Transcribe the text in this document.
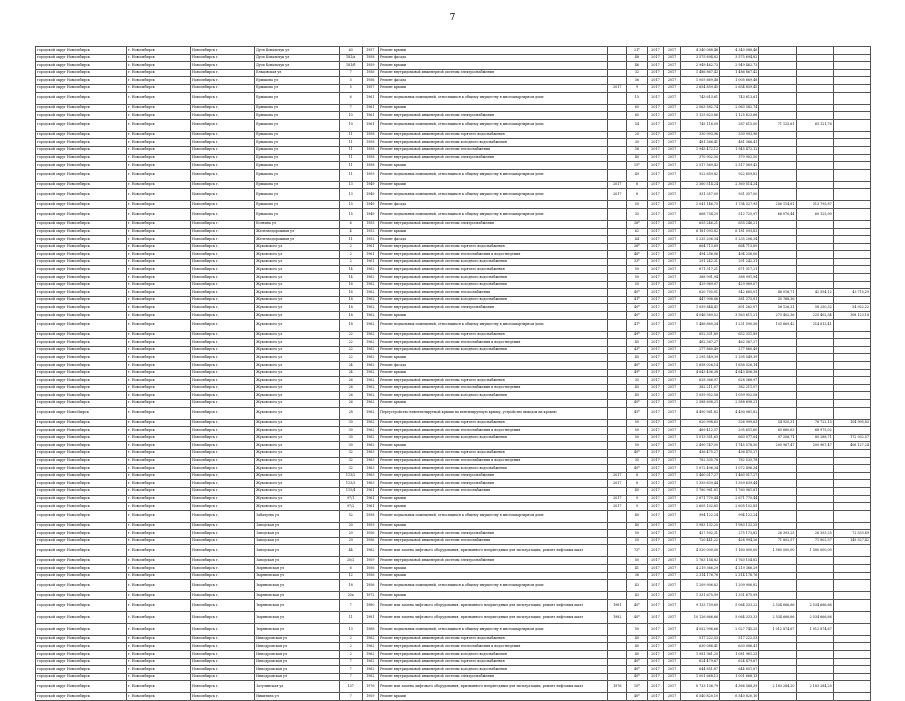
7
городской округ Новосибирск	г. Новосибирск	Новосибирск г.	Дуси Ковальчук ул	63	1957	Ремонт крыши		21*	2017	2017	4 340 088,46	4 340 088,46			
городской округ Новосибирск	г. Новосибирск	Новосибирск г.	Дуси Ковальчук ул	181/а	1958	Ремонт фасада		48	2017	2017	3 575 694,82	3 575 694,82			
городской округ Новосибирск	г. Новосибирск	Новосибирск г.	Дуси Ковальчук ул	181/б	1959	Ремонт крыши		46	2017	2017	2 949 462,73	2 949 462,73			
городской округ Новосибирск	г. Новосибирск	Новосибирск г.	Ельцовская ул	7	1956	Ремонт внутридомовой инженерной системы электроснабжения		32	2017	2017	1 486 867,42	1 486 867,42			
городской округ Новосибирск	г. Новосибирск	Новосибирск г.	Ермакова ул	3	1956	Ремонт фасада		36	2017	2017	1 005 669,48	1 005 669,48			
городской округ Новосибирск	г. Новосибирск	Новосибирск г.	Ермакова ул	5	1957	Ремонт крыши	2017	9	2017	2017	2 654 859,45	2 654 859,45			
городской округ Новосибирск	г. Новосибирск	Новосибирск г.	Ермакова ул	6	1961	Ремонт подвальных помещений, относящихся к общему имуществу в многоквартирном доме		15	2017	2017	743 613,61	743 613,61			
городской округ Новосибирск	г. Новосибирск	Новосибирск г.	Ермакова ул	7	1961	Ремонт крыши		65	2017	2017	2 063 582,74	2 063 582,74			
городской округ Новосибирск	г. Новосибирск	Новосибирск г.	Ермакова ул	10	1961	Ремонт внутридомовой инженерной системы электроснабжения		65	2017	2017	1 125 623,86	1 125 623,86			
городской округ Новосибирск	г. Новосибирск	Новосибирск г.	Ермакова ул	10	1961	Ремонт подвальных помещений, относящихся к общему имуществу в многоквартирном доме		54	2017	2017	745 116,00	287 615,00	71 125,61	65 121,76	
городской округ Новосибирск	г. Новосибирск	Новосибирск г.	Ермакова ул	11	1958	Ремонт внутридомовой инженерной системы горячего водоснабжения		20	2017	2017	330 993,96	330 993,96			
городской округ Новосибирск	г. Новосибирск	Новосибирск г.	Ермакова ул	11	1958	Ремонт внутридомовой инженерной системы холодного водоснабжения		30	2017	2017	481 366,41	481 366,41			
городской округ Новосибирск	г. Новосибирск	Новосибирск г.	Ермакова ул	11	1958	Ремонт внутридомовой инженерной системы теплоснабжения		36	2017	2017	1 945 472,12	1 945 472,12			
городской округ Новосибирск	г. Новосибирск	Новосибирск г.	Ермакова ул	11	1958	Ремонт внутридомовой инженерной системы электроснабжения		40	2017	2017	370 902,50	370 902,50			
городской округ Новосибирск	г. Новосибирск	Новосибирск г.	Ермакова ул	11	1958	Ремонт крыши		15*	2017	2017	2 517 569,42	2 517 569,42			
городской округ Новосибирск	г. Новосибирск	Новосибирск г.	Ермакова ул	11	1959	Ремонт подвальных помещений, относящихся к общему имуществу в многоквартирном доме		49	2017	2017	922 659,82	922 659,82			
городской округ Новосибирск	г. Новосибирск	Новосибирск г.	Ермакова ул	13	1949	Ремонт крыши	2017	8	2017	2017	2 360 514,24	2 360 514,24			
городской округ Новосибирск	г. Новосибирск	Новосибирск г.	Ермакова ул	13	1949	Ремонт подвальных помещений, относящихся к общему имуществу в многоквартирном доме	2017	8	2017	2017	931 357,00	931 357,00			
городской округ Новосибирск	г. Новосибирск	Новосибирск г.	Ермакова ул	15	1949	Ремонт фасада		50	2017	2017	2 041 146,75	1 734 327,95	256 114,61	313 795,87	
городской округ Новосибирск	г. Новосибирск	Новосибирск г.	Ермакова ул	15	1949	Ремонт подвальных помещений, относящихся к общему имуществу в многоквартирном доме		35	2017	2017	668 754,29	512 725,97	66 070,44	60 125,90	
городской округ Новосибирск	г. Новосибирск	Новосибирск г.	Есенина ул	6	1955	Ремонт внутридомовой инженерной системы электроснабжения		36*	2017	2017	655 246,21	655 246,21			
городской округ Новосибирск	г. Новосибирск	Новосибирск г.	Железнодорожная ул	4	1952	Ремонт крыши		62	2017	2017	6 181 093,82	6 181 093,82			
городской округ Новосибирск	г. Новосибирск	Новосибирск г.	Железнодорожная ул	11	1952	Ремонт фасада		44	2017	2017	5 235 206,34	5 235 206,34			
городской округ Новосибирск	г. Новосибирск	Новосибирск г.	Жуковского ул	2	1961	Ремонт внутридомовой инженерной системы горячего водоснабжения		36*	2017	2017	664 713,69	664 713,69			
городской округ Новосибирск	г. Новосибирск	Новосибирск г.	Жуковского ул	2	1961	Ремонт внутридомовой инженерной системы теплоснабжения и водоотведения		48*	2017	2017	494 256,06	494 256,06			
городской округ Новосибирск	г. Новосибирск	Новосибирск г.	Жуковского ул	2	1961	Ремонт внутридомовой инженерной системы холодного водоснабжения		33*	2017	2017	291 242,31	291 242,31			
городской округ Новосибирск	г. Новосибирск	Новосибирск г.	Жуковского ул	14	1962	Ремонт внутридомовой инженерной системы горячего водоснабжения		50	2017	2017	671 317,21	671 317,21			
городской округ Новосибирск	г. Новосибирск	Новосибирск г.	Жуковского ул	14	1962	Ремонт внутридомовой инженерной системы холодного водоснабжения		50	2017	2017	388 991,94	388 991,94			
городской округ Новосибирск	г. Новосибирск	Новосибирск г.	Жуковского ул	16	1962	Ремонт внутридомовой инженерной системы холодного водоснабжения		50	2017	2017	429 969,07	429 969,07			
городской округ Новосибирск	г. Новосибирск	Новосибирск г.	Жуковского ул	16	1962	Ремонт внутридомовой инженерной системы теплоснабжения		40*	2017	2017	620 705,01	542 665,01	46 016,71	42 554,12	43 715,29
городской округ Новосибирск	г. Новосибирск	Новосибирск г.	Жуковского ул	18	1962	Ремонт внутридомовой инженерной системы холодного водоснабжения		41*	2017	2017	447 998,86	381 375,81	35 768,36		
городской округ Новосибирск	г. Новосибирск	Новосибирск г.	Жуковского ул	18	1962	Ремонт внутридомовой инженерной системы электроснабжения		40*	2017	2017	1 059 844,41	891 262,07	56 126,31	58 250,32	54 922,22
городской округ Новосибирск	г. Новосибирск	Новосибирск г.	Жуковского ул	18	1962	Ремонт крыши		40*	2017	2017	4 046 589,52	3 563 611,21	273 402,36	225 402,54	308 123,18
городской округ Новосибирск	г. Новосибирск	Новосибирск г.	Жуковского ул	18	1962	Ремонт подвальных помещений, относящихся к общему имуществу в многоквартирном доме		41*	2017	2017	1 486 880,34	1 231 590,56	103 669,42	214 613,41	
городской округ Новосибирск	г. Новосибирск	Новосибирск г.	Жуковского ул	22	1962	Ремонт внутридомовой инженерной системы горячего водоснабжения		49*	2017	2017	652 331,89	652 331,89			
городской округ Новосибирск	г. Новосибирск	Новосибирск г.	Жуковского ул	22	1962	Ремонт внутридомовой инженерной системы теплоснабжения и водоотведения		45	2017	2017	462 367,27	462 367,27			
городской округ Новосибирск	г. Новосибирск	Новосибирск г.	Жуковского ул	22	1962	Ремонт внутридомовой инженерной системы холодного водоснабжения		43*	2017	2017	277 860,49	277 860,49			
городской округ Новосибирск	г. Новосибирск	Новосибирск г.	Жуковского ул	22	1962	Ремонт крыши		45	2017	2017	2 295 549,39	2 295 549,39			
городской округ Новосибирск	г. Новосибирск	Новосибирск г.	Жуковского ул	24	1962	Ремонт фасада		40*	2017	2017	1 658 026,14	1 658 026,14			
городской округ Новосибирск	г. Новосибирск	Новосибирск г.	Жуковского ул	24	1962	Ремонт крыши		49*	2017	2017	4 643 406,38	4 643 406,38			
городской округ Новосибирск	г. Новосибирск	Новосибирск г.	Жуковского ул	26	1962	Ремонт внутридомовой инженерной системы горячего водоснабжения		35	2017	2017	628 366,97	628 366,97			
городской округ Новосибирск	г. Новосибирск	Новосибирск г.	Жуковского ул	26	1962	Ремонт внутридомовой инженерной системы теплоснабжения и водоотведения		45	2017	2017	382 211,07	382 211,07			
городской округ Новосибирск	г. Новосибирск	Новосибирск г.	Жуковского ул	26	1962	Ремонт внутридомовой инженерной системы холодного водоснабжения		45	2017	2017	1 059 952,58	1 059 952,58			
городской округ Новосибирск	г. Новосибирск	Новосибирск г.	Жуковского ул	26	1962	Ремонт крыши		40*	2017	2017	2 588 698,21	2 588 698,21			
городской округ Новосibирск	г. Новосибирск	Новосибирск г.	Жуковского ул	28	1962	Переустройство невентилируемой крыши на вентилируемую крышу, устройство выходов на кровлю		45*	2017	2017	4 490 961,82	4 490 961,82			
городской округ Новосибирск	г. Новосибирск	Новосибирск г.	Жуковского ул	30	1962	Ремонт внутридомовой инженерной системы горячего водоснабжения		50	2017	2017	620 998,63	326 999,63	54 920,31	76 722,15	104 995,83
городской округ Новосибирск	г. Новосибирск	Новосибирск г.	Жуковского ул	30	1962	Ремонт внутридомовой инженерной системы теплоснабжения и водоотведения		50	2017	2017	469 412,57	295 651,60	65 660,63	68 975,02	
городской округ Новосибирск	г. Новосибирск	Новосибирск г.	Жуковского ул	30	1962	Ремонт внутридомовой инженерной системы холодного водоснабжения		50	2017	2017	1 013 351,61	663 077,04	97 206,71	80 288,71	172 932,57
городской округ Новосибирск	г. Новосибирск	Новосибирск г.	Жуковского ул	30	1962	Ремонт крыши		50	2017	2017	2 490 747,50	1 745 578,50	200 967,47	200 967,47	406 127,24
городской округ Новосибирск	г. Новосибирск	Новосибирск г.	Жуковского ул	32	1963	Ремонт внутридомовой инженерной системы горячего водоснабжения		40*	2017	2017	436 475,27	436 475,27			
городской округ Новосибирск	г. Новосибирск	Новосибирск г.	Жуковского ул	32	1963	Ремонт внутридомовой инженерной системы теплоснабжения и водоотведения		35	2017	2017	782 535,78	782 535,78			
городской округ Новосибирск	г. Новосибирск	Новосибирск г.	Жуковского ул	32	1963	Ремонт внутридомовой инженерной системы холодного водоснабжения		40*	2017	2017	1 072 496,34	1 072 496,34			
городской округ Новосибирск	г. Новосибирск	Новосибирск г.	Жуковского ул	113/2	1963	Ремонт внутридомовой инженерной системы электроснабжения	2017	8	2017	2017	1 460 017,27	1 460 017,27			
городской округ Новосибирск	г. Новосибирск	Новосибирск г.	Жуковского ул	113/3	1963	Ремонт внутридомовой инженерной системы электроснабжения	2017	8	2017	2017	1 359 639,44	1 359 639,44			
городской округ Новосибирск	г. Новосибирск	Новосибирск г.	Жуковского ул	115/4	1961	Ремонт внутридомовой инженерной системы теплоснабжения		40	2017	2017	1 760 961,81	1 760 961,81			
городской округ Новосибирск	г. Новосибирск	Новосибирск г.	Жуковского ул	97/1	1961	Ремонт крыши	2017	9	2017	2017	2 671 770,44	2 671 770,44			
городской округ Новосибирск	г. Новосибирск	Новосибирск г.	Жуковского ул	97/2	1961	Ремонт крыши	2017	9	2017	2017	2 605 102,85	2 605 102,85			
городской округ Новосибирск	г. Новосибирск	Новосибирск г.	Забалуева ул	52	1958	Ремонт подвальных помещений, относящихся к общему имуществу в многоквартирном доме		40	2017	2017	994 122,24	994 122,24			
городской округ Новосибирск	г. Новосибирск	Новосибирск г.	Заводская ул	20	1959	Ремонт крыши		40	2017	2017	1 983 132,25	1 983 132,25			
городской округ Новосибирск	г. Новосибирск	Новосибирск г.	Заводская ул	29	1956	Ремонт внутридомовой инженерной системы электроснабжения		50	2017	2017	427 592,31	275 173,82	26 393,25	26 393,25	72 533,69
городской округ Новосибирск	г. Новосибирск	Новосибирск г.	Заводская ул	29	1956	Ремонт внутридомовой инженерной системы теплоснабжения		50	2017	2017	720 441,22	426 994,26	71 802,57	71 802,57	149 527,42
городской округ Новосибирск	г. Новосибирск	Новосибирск г.	Заводская ул	44	1962	Ремонт или замена лифтового оборудования, признанного непригодным для эксплуатации, ремонт лифтовых шахт		72*	2017	2017	4 520 000,00	1 160 000,00	1 580 000,00	1 580 000,00	
городской округ Новосибирск	г. Новосибирск	Новосибирск г.	Заводская ул	20/2	1959	Ремонт внутридомовой инженерной системы электроснабжения		50	2017	2017	1 763 154,82	1 763 154,82			
городской округ Новосибирск	г. Новосибирск	Новосибирск г.	Зыряновская ул	6	1956	Ремонт крыши		41	2017	2017	4 219 366,29	4 219 366,29			
городской округ Новосибирск	г. Новосибирск	Новосибирск г.	Зыряновская ул	12	1956	Ремонт крыши		36	2017	2017	2 314 176,76	2 314 176,76			
городской округ Новосибирск	г. Новосибирск	Новосибирск г.	Зыряновская ул	18	1956	Ремонт подвальных помещений, относящихся к общему имуществу в многоквартирном доме		43	2017	2017	1 209 906,82	1 209 906,82			
городской округ Новосибирск	г. Новосибирск	Новосибирск г.	Зыряновская ул	20a	1972	Ремонт крыши		43	2017	2017	1 331 675,99	1 331 675,99			
городской округ Новосибирск	г. Новосибирск	Новосибирск г.	Зыряновская ул	7	1980	Ремонт или замена лифтового оборудования, признанного непригодным для эксплуатации, ремонт лифтовых шахт	1981	40*	2017	2017	9 133 759,60	5 064 333,22	2 534 666,66	2 534 666,66	
городской округ Новосибирск	г. Новосибирск	Новосибирск г.	Зыряновская ул	11	1981	Ремонт или замена лифтового оборудования, признанного непригодным для эксплуатации, ремонт лифтовых шахт	1982	40*	2017	2017	10 126 666,66	5 064 333,33	2 534 666,66	2 534 666,66	
городской округ Новосибирск	г. Новосибирск	Новосибирск г.	Зыряновская ул	13	1968	Ремонт подвальных помещений, относящихся к общему имуществу в многоквартирном доме		50	2017	2017	4 052 996,66	2 027 745,25	1 012 874,67	1 012 874,67	
городской округ Новосибирск	г. Новосибирск	Новосибирск г.	Ипподромская ул	2	1962	Ремонт внутридомовой инженерной системы горячего водоснабжения		40	2017	2017	517 222,53	517 222,53			
городской округ Новосибирск	г. Новосибирск	Новосибирск г.	Ипподромская ул	2	1962	Ремонт внутридомовой инженерной системы теплоснабжения и водоотведения		40	2017	2017	630 086,41	630 086,41			
городской округ Новосибирск	г. Новосибирск	Новосибирск г.	Ипподромская ул	2	1962	Ремонт внутридомовой инженерной системы холодного водоснабжения		40	2017	2017	1 081 961,25	1 081 961,25			
городской округ Новосибирск	г. Новосибирск	Новосибирск г.	Ипподромская ул	7	1962	Ремонт внутридомовой инженерной системы горячего водоснабжения		40*	2017	2017	624 479,67	624 479,67			
городской округ Новосибирск	г. Новосибирск	Новосибирск г.	Ипподромская ул	7	1962	Ремонт внутридомовой инженерной системы холодного водоснабжения		40*	2017	2017	644 851,87	644 851,87			
городской округ Новосибирск	г. Новосибирск	Новосибирск г.	Ипподромская ул	7	1962	Ремонт внутридомовой инженерной системы электроснабжения		40*	2017	2017	1 001 668,13	1 001 668,13			
городской округ Новосибирск	г. Новосибирск	Новосибирск г.	Затулинская ул	137	1976	Ремонт или замена лифтового оборудования, признанного непригодным для эксплуатации, ремонт лифтовых шахт	1976	10*	2017	2017	8 733 136,79	4 366 568,39	2 183 284,20	2 183 284,20	
городской округ Новосибирск	г. Новосибирск	Новосибирск г.	Никитина ул	7	1959	Ремонт крыши		40*	2017	2017	6 540 820,10	6 540 820,10			
